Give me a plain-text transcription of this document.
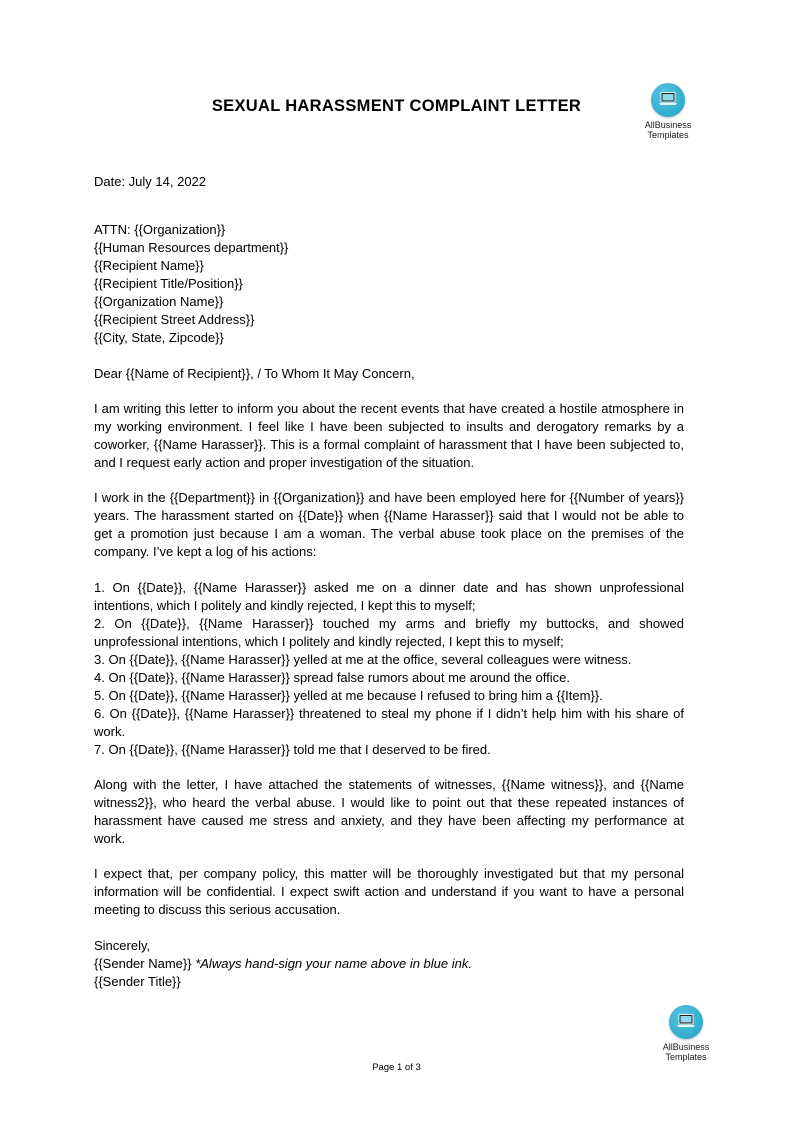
SEXUAL HARASSMENT COMPLAINT LETTER
AllBusiness
Templates
Date: July 14, 2022
ATTN: {{Organization}}
{{Human Resources department}}
{{Recipient Name}}
{{Recipient Title/Position}}
{{Organization Name}}
{{Recipient Street Address}}
{{City, State, Zipcode}}
Dear {{Name of Recipient}}, / To Whom It May Concern,
I am writing this letter to inform you about the recent events that have created a hostile atmosphere in my working environment. I feel like I have been subjected to insults and derogatory remarks by a coworker, {{Name Harasser}}. This is a formal complaint of harassment that I have been subjected to, and I request early action and proper investigation of the situation.
I work in the {{Department}} in {{Organization}} and have been employed here for {{Number of years}} years. The harassment started on {{Date}} when {{Name Harasser}} said that I would not be able to get a promotion just because I am a woman. The verbal abuse took place on the premises of the company. I’ve kept a log of his actions:
1. On {{Date}}, {{Name Harasser}} asked me on a dinner date and has shown unprofessional intentions, which I politely and kindly rejected, I kept this to myself;
2. On {{Date}}, {{Name Harasser}} touched my arms and briefly my buttocks, and showed unprofessional intentions, which I politely and kindly rejected, I kept this to myself;
3. On {{Date}}, {{Name Harasser}} yelled at me at the office, several colleagues were witness.
4. On {{Date}}, {{Name Harasser}} spread false rumors about me around the office.
5. On {{Date}}, {{Name Harasser}} yelled at me because I refused to bring him a {{Item}}.
6. On {{Date}}, {{Name Harasser}} threatened to steal my phone if I didn’t help him with his share of work.
7. On {{Date}}, {{Name Harasser}} told me that I deserved to be fired.
Along with the letter, I have attached the statements of witnesses, {{Name witness}}, and {{Name witness2}}, who heard the verbal abuse. I would like to point out that these repeated instances of harassment have caused me stress and anxiety, and they have been affecting my performance at work.
I expect that, per company policy, this matter will be thoroughly investigated but that my personal information will be confidential. I expect swift action and understand if you want to have a personal meeting to discuss this serious accusation.
Sincerely,
{{Sender Name}} *Always hand-sign your name above in blue ink.
{{Sender Title}}
AllBusiness
Templates
Page 1 of 3
